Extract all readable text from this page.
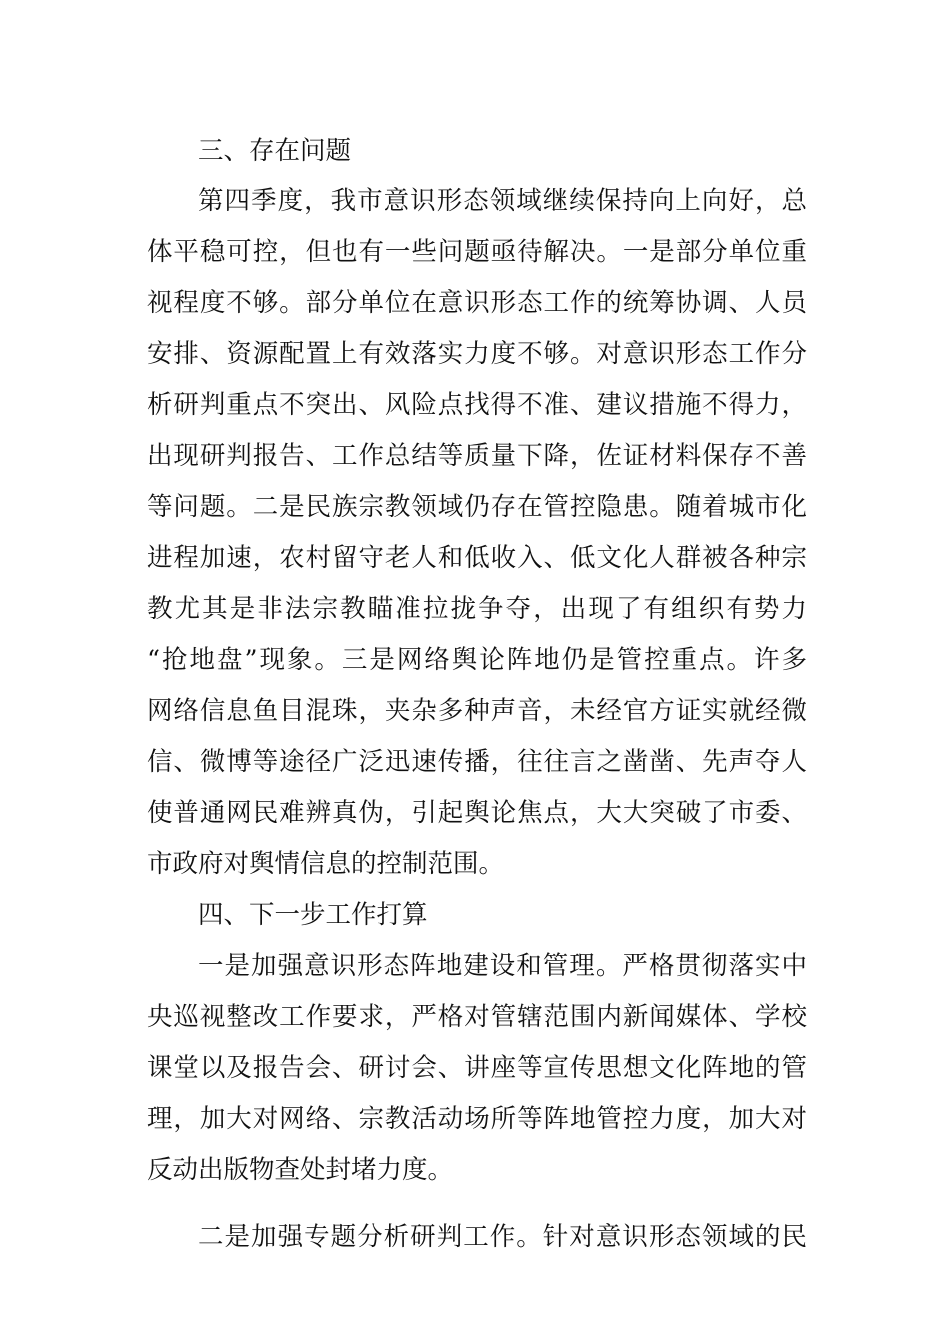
三、存在问题
第四季度，我市意识形态领域继续保持向上向好，总
体平稳可控，但也有一些问题亟待解决。一是部分单位重
视程度不够。部分单位在意识形态工作的统筹协调、人员
安排、资源配置上有效落实力度不够。对意识形态工作分
析研判重点不突出、风险点找得不准、建议措施不得力，
出现研判报告、工作总结等质量下降，佐证材料保存不善
等问题。二是民族宗教领域仍存在管控隐患。随着城市化
进程加速，农村留守老人和低收入、低文化人群被各种宗
教尤其是非法宗教瞄准拉拢争夺，出现了有组织有势力
“抢地盘”现象。三是网络舆论阵地仍是管控重点。许多
网络信息鱼目混珠，夹杂多种声音，未经官方证实就经微
信、微博等途径广泛迅速传播，往往言之凿凿、先声夺人
使普通网民难辨真伪，引起舆论焦点，大大突破了市委、
市政府对舆情信息的控制范围。
四、下一步工作打算
一是加强意识形态阵地建设和管理。严格贯彻落实中
央巡视整改工作要求，严格对管辖范围内新闻媒体、学校
课堂以及报告会、研讨会、讲座等宣传思想文化阵地的管
理，加大对网络、宗教活动场所等阵地管控力度，加大对
反动出版物查处封堵力度。
二是加强专题分析研判工作。针对意识形态领域的民
